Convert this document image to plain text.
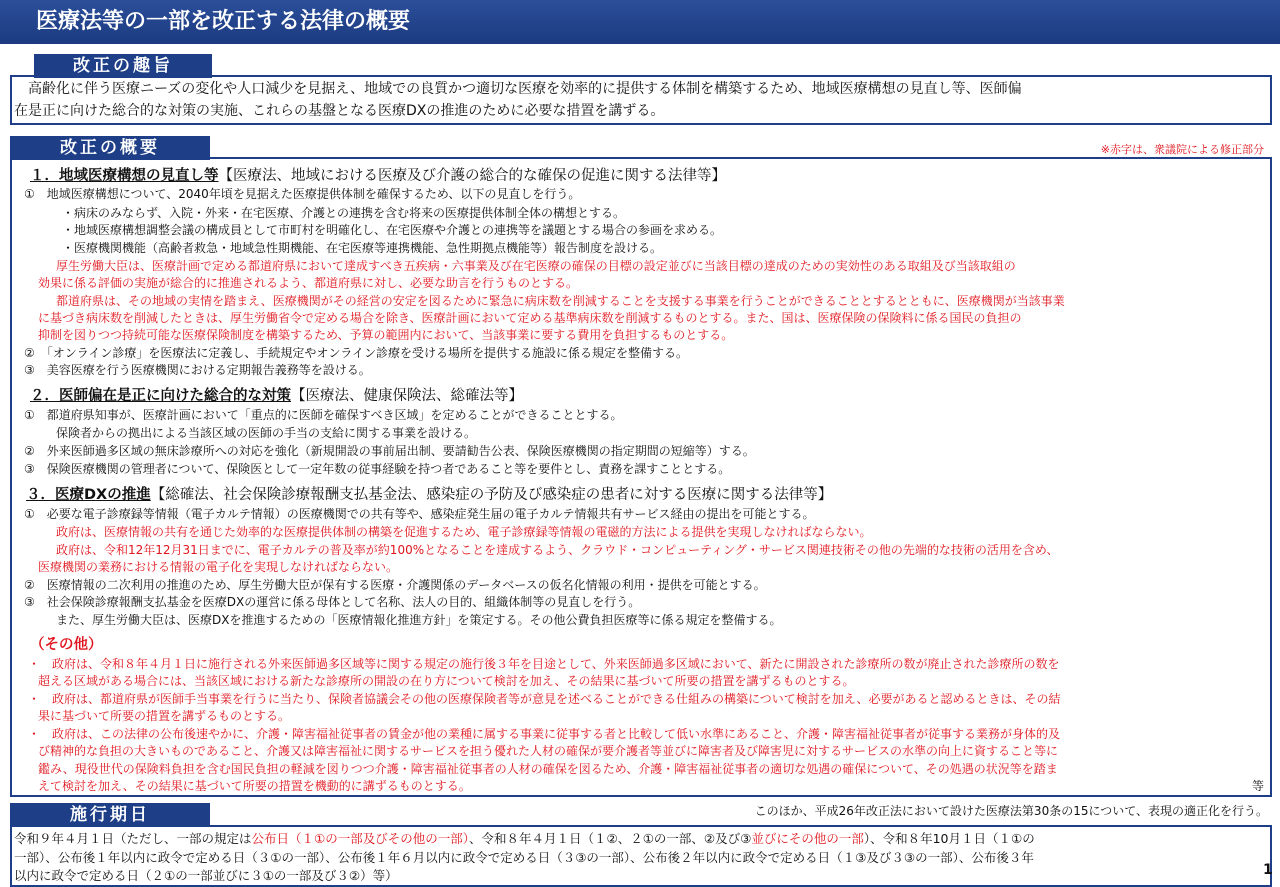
医療法等の一部を改正する法律の概要
改正の趣旨
　高齢化に伴う医療ニーズの変化や人口減少を見据え、地域での良質かつ適切な医療を効率的に提供する体制を構築するため、地域医療構想の見直し等、医師偏
在是正に向けた総合的な対策の実施、これらの基盤となる医療DXの推進のために必要な措置を講ずる。
改正の概要	※赤字は、衆議院による修正部分
１．地域医療構想の見直し等【医療法、地域における医療及び介護の総合的な確保の促進に関する法律等】
①　地域医療構想について、2040年頃を見据えた医療提供体制を確保するため、以下の見直しを行う。
・病床のみならず、入院・外来・在宅医療、介護との連携を含む将来の医療提供体制全体の構想とする。
・地域医療構想調整会議の構成員として市町村を明確化し、在宅医療や介護との連携等を議題とする場合の参画を求める。
・医療機関機能（高齢者救急・地域急性期機能、在宅医療等連携機能、急性期拠点機能等）報告制度を設ける。
厚生労働大臣は、医療計画で定める都道府県において達成すべき五疾病・六事業及び在宅医療の確保の目標の設定並びに当該目標の達成のための実効性のある取組及び当該取組の
効果に係る評価の実施が総合的に推進されるよう、都道府県に対し、必要な助言を行うものとする。
都道府県は、その地域の実情を踏まえ、医療機関がその経営の安定を図るために緊急に病床数を削減することを支援する事業を行うことができることとするとともに、医療機関が当該事業
に基づき病床数を削減したときは、厚生労働省令で定める場合を除き、医療計画において定める基準病床数を削減するものとする。また、国は、医療保険の保険料に係る国民の負担の
抑制を図りつつ持続可能な医療保険制度を構築するため、予算の範囲内において、当該事業に要する費用を負担するものとする。
②　「オンライン診療」を医療法に定義し、手続規定やオンライン診療を受ける場所を提供する施設に係る規定を整備する。
③　美容医療を行う医療機関における定期報告義務等を設ける。
２．医師偏在是正に向けた総合的な対策【医療法、健康保険法、総確法等】
①　都道府県知事が、医療計画において「重点的に医師を確保すべき区域」を定めることができることとする。
保険者からの拠出による当該区域の医師の手当の支給に関する事業を設ける。
②　外来医師過多区域の無床診療所への対応を強化（新規開設の事前届出制、要請勧告公表、保険医療機関の指定期間の短縮等）する。
③　保険医療機関の管理者について、保険医として一定年数の従事経験を持つ者であること等を要件とし、責務を課すこととする。
３．医療DXの推進【総確法、社会保険診療報酬支払基金法、感染症の予防及び感染症の患者に対する医療に関する法律等】
①　必要な電子診療録等情報（電子カルテ情報）の医療機関での共有等や、感染症発生届の電子カルテ情報共有サービス経由の提出を可能とする。
政府は、医療情報の共有を通じた効率的な医療提供体制の構築を促進するため、電子診療録等情報の電磁的方法による提供を実現しなければならない。
政府は、令和12年12月31日までに、電子カルテの普及率が約100%となることを達成するよう、クラウド・コンピューティング・サービス関連技術その他の先端的な技術の活用を含め、
医療機関の業務における情報の電子化を実現しなければならない。
②　医療情報の二次利用の推進のため、厚生労働大臣が保有する医療・介護関係のデータベースの仮名化情報の利用・提供を可能とする。
③　社会保険診療報酬支払基金を医療DXの運営に係る母体として名称、法人の目的、組織体制等の見直しを行う。
また、厚生労働大臣は、医療DXを推進するための「医療情報化推進方針」を策定する。その他公費負担医療等に係る規定を整備する。
（その他）
・　政府は、令和８年４月１日に施行される外来医師過多区域等に関する規定の施行後３年を目途として、外来医師過多区域において、新たに開設された診療所の数が廃止された診療所の数を
超える区域がある場合には、当該区域における新たな診療所の開設の在り方について検討を加え、その結果に基づいて所要の措置を講ずるものとする。
・　政府は、都道府県が医師手当事業を行うに当たり、保険者協議会その他の医療保険者等が意見を述べることができる仕組みの構築について検討を加え、必要があると認めるときは、その結
果に基づいて所要の措置を講ずるものとする。
・　政府は、この法律の公布後速やかに、介護・障害福祉従事者の賃金が他の業種に属する事業に従事する者と比較して低い水準にあること、介護・障害福祉従事者が従事する業務が身体的及
び精神的な負担の大きいものであること、介護又は障害福祉に関するサービスを担う優れた人材の確保が要介護者等並びに障害者及び障害児に対するサービスの水準の向上に資すること等に
鑑み、現役世代の保険料負担を含む国民負担の軽減を図りつつ介護・障害福祉従事者の人材の確保を図るため、介護・障害福祉従事者の適切な処遇の確保について、その処遇の状況等を踏ま
えて検討を加え、その結果に基づいて所要の措置を機動的に講ずるものとする。	等
施行期日	このほか、平成26年改正法において設けた医療法第30条の15について、表現の適正化を行う。
令和９年４月１日（ただし、一部の規定は公布日（１①の一部及びその他の一部）、令和８年４月１日（１②、２①の一部、②及び③並びにその他の一部）、令和８年10月１日（１①の
一部）、公布後１年以内に政令で定める日（３①の一部）、公布後１年６月以内に政令で定める日（３③の一部）、公布後２年以内に政令で定める日（１③及び３③の一部）、公布後３年
以内に政令で定める日（２①の一部並びに３①の一部及び３②）等）	1
